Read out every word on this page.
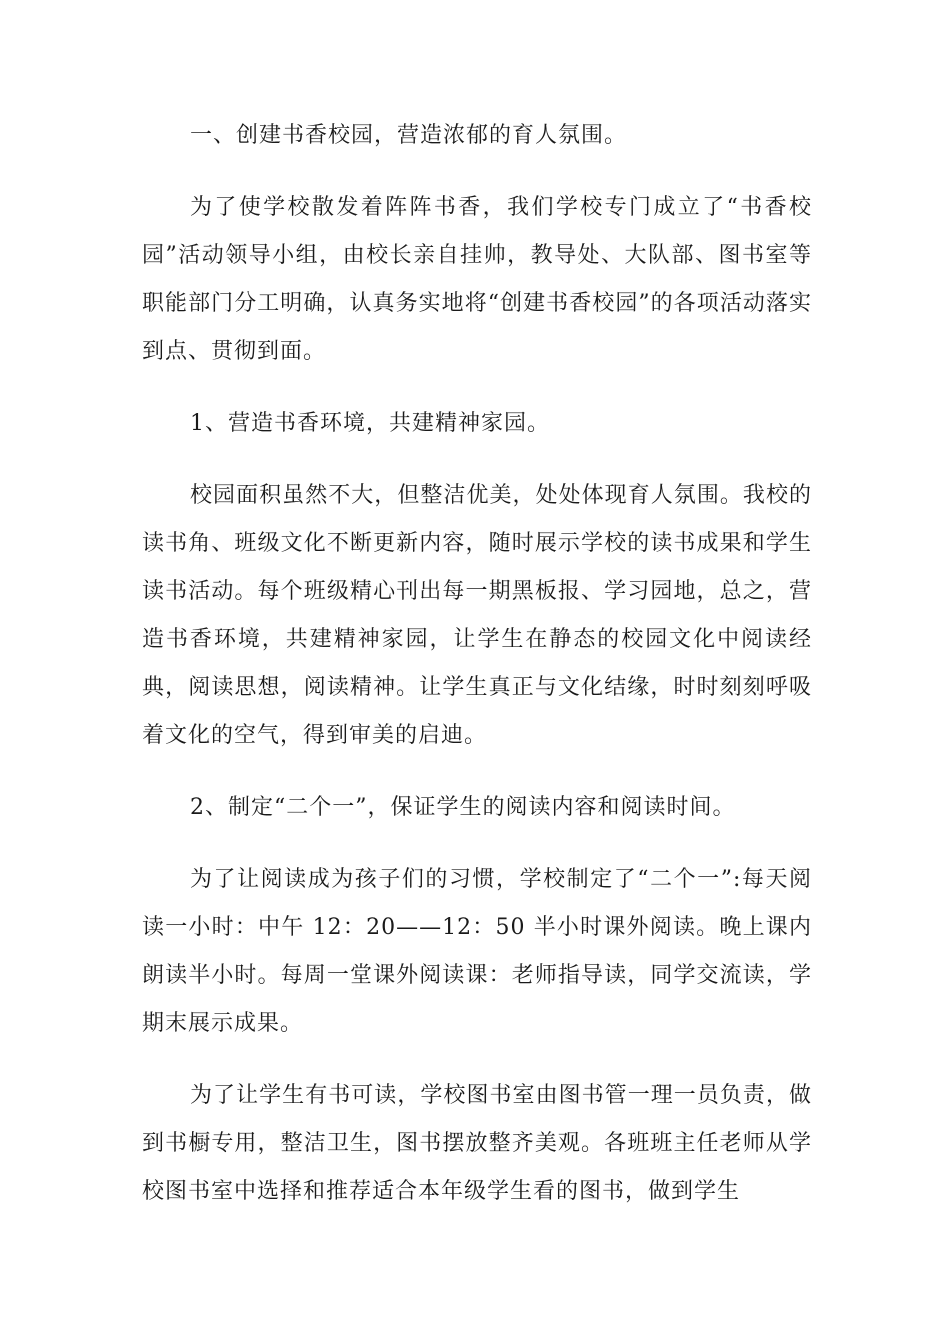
一、创建书香校园，营造浓郁的育人氛围。

为了使学校散发着阵阵书香，我们学校专门成立了“书香校园”活动领导小组，由校长亲自挂帅，教导处、大队部、图书室等职能部门分工明确，认真务实地将“创建书香校园”的各项活动落实到点、贯彻到面。

1、营造书香环境，共建精神家园。

校园面积虽然不大，但整洁优美，处处体现育人氛围。我校的读书角、班级文化不断更新内容，随时展示学校的读书成果和学生读书活动。每个班级精心刊出每一期黑板报、学习园地，总之，营造书香环境，共建精神家园，让学生在静态的校园文化中阅读经典，阅读思想，阅读精神。让学生真正与文化结缘，时时刻刻呼吸着文化的空气，得到审美的启迪。

2、制定“二个一”，保证学生的阅读内容和阅读时间。

为了让阅读成为孩子们的习惯，学校制定了“二个一”:每天阅读一小时：中午 12：20——12：50 半小时课外阅读。晚上课内朗读半小时。每周一堂课外阅读课：老师指导读，同学交流读，学期末展示成果。

为了让学生有书可读，学校图书室由图书管一理一员负责，做到书橱专用，整洁卫生，图书摆放整齐美观。各班班主任老师从学校图书室中选择和推荐适合本年级学生看的图书，做到学生
